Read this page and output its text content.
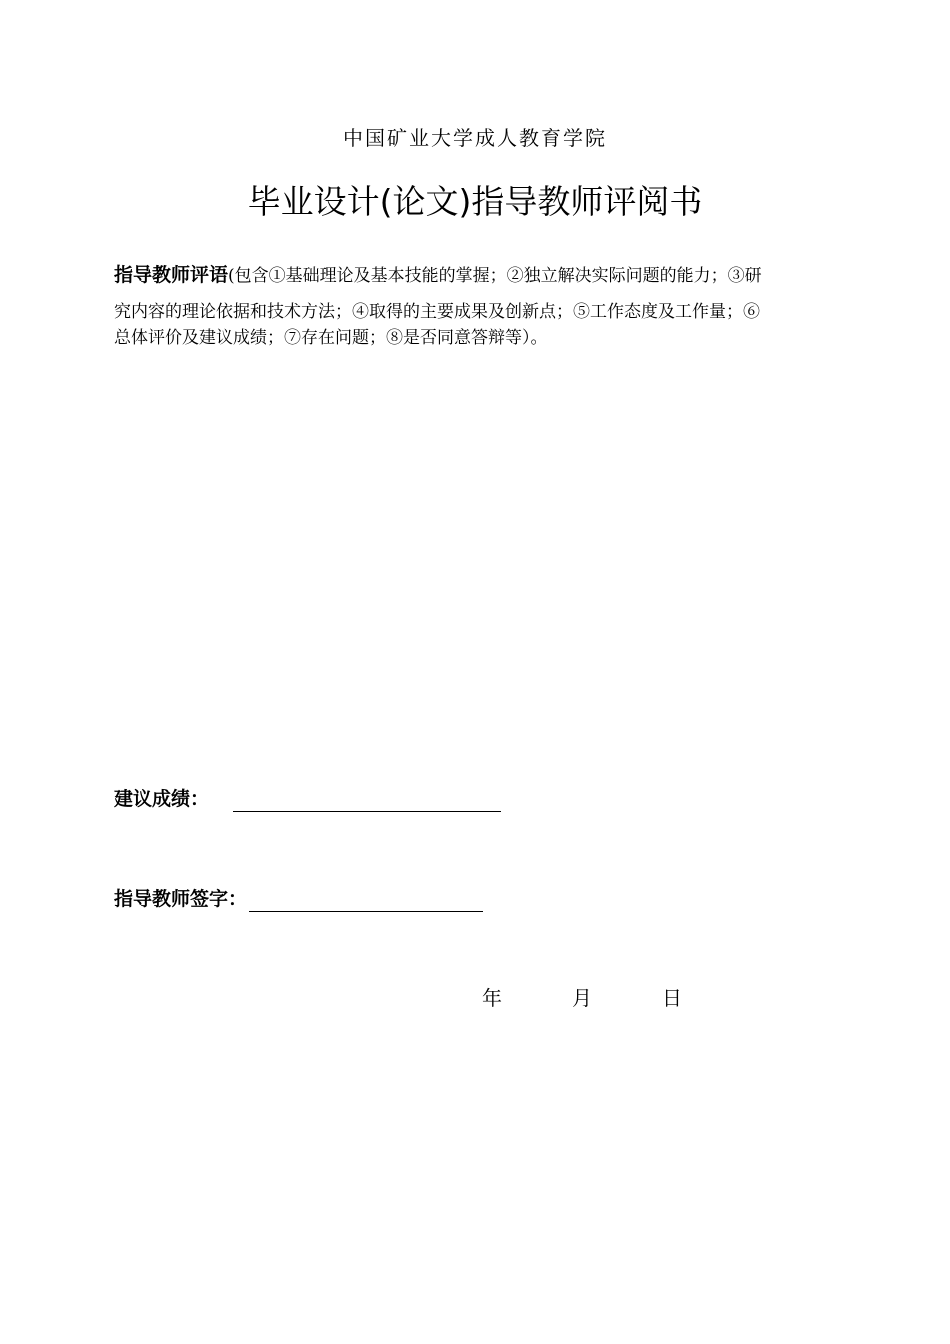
中国矿业大学成人教育学院
毕业设计(论文)指导教师评阅书
指导教师评语(包含①基础理论及基本技能的掌握；②独立解决实际问题的能力；③研
究内容的理论依据和技术方法；④取得的主要成果及创新点；⑤工作态度及工作量；⑥
总体评价及建议成绩；⑦存在问题；⑧是否同意答辩等）。
建议成绩：
指导教师签字：
年	月	日
